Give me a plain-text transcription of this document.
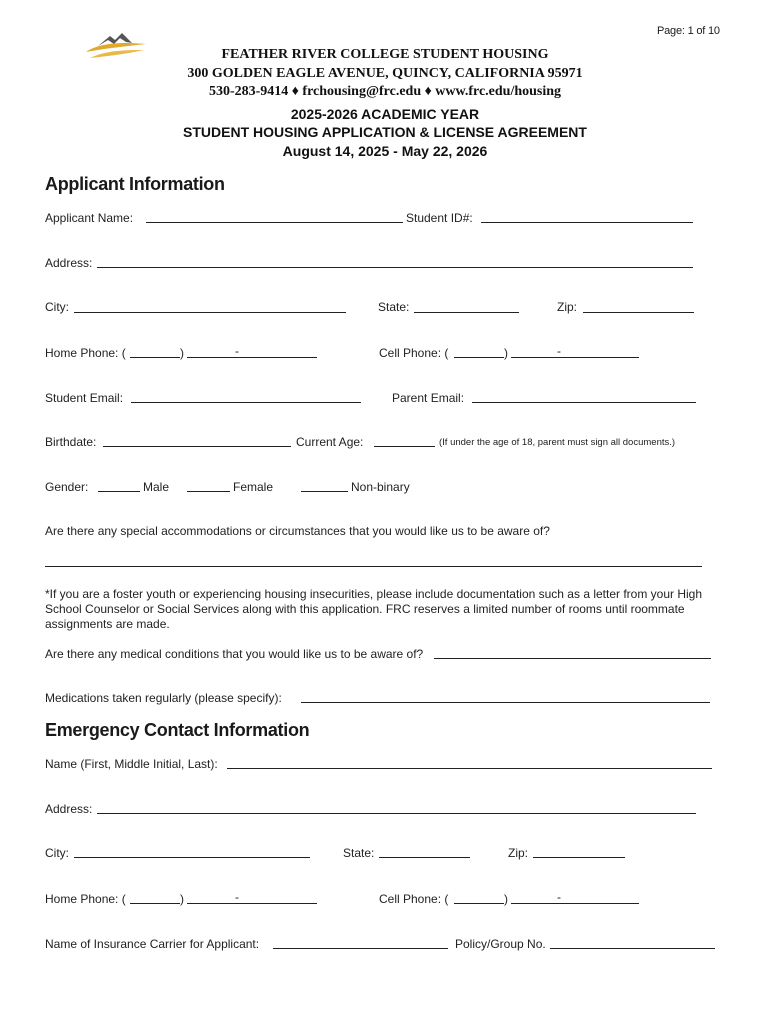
Page: 1 of 10
FEATHER RIVER COLLEGE STUDENT HOUSING
300 GOLDEN EAGLE AVENUE, QUINCY, CALIFORNIA 95971
530-283-9414 ♦ frchousing@frc.edu ♦ www.frc.edu/housing
2025-2026 ACADEMIC YEAR
STUDENT HOUSING APPLICATION & LICENSE AGREEMENT
August 14, 2025 - May 22, 2026
Applicant Information
Applicant Name:	Student ID#:
Address:
City:	State:	Zip:
Home Phone: (	)	-	Cell Phone: (	)	-
Student Email:	Parent Email:
Birthdate:	Current Age:	(If under the age of 18, parent must sign all documents.)
Gender:	Male	Female	Non-binary
Are there any special accommodations or circumstances that you would like us to be aware of?
*If you are a foster youth or experiencing housing insecurities, please include documentation such as a letter from your High School Counselor or Social Services along with this application. FRC reserves a limited number of rooms until roommate assignments are made.
Are there any medical conditions that you would like us to be aware of?
Medications taken regularly (please specify):
Emergency Contact Information
Name (First, Middle Initial, Last):
Address:
City:	State:	Zip:
Home Phone: (	)	-	Cell Phone: (	)	-
Name of Insurance Carrier for Applicant:	Policy/Group No.
